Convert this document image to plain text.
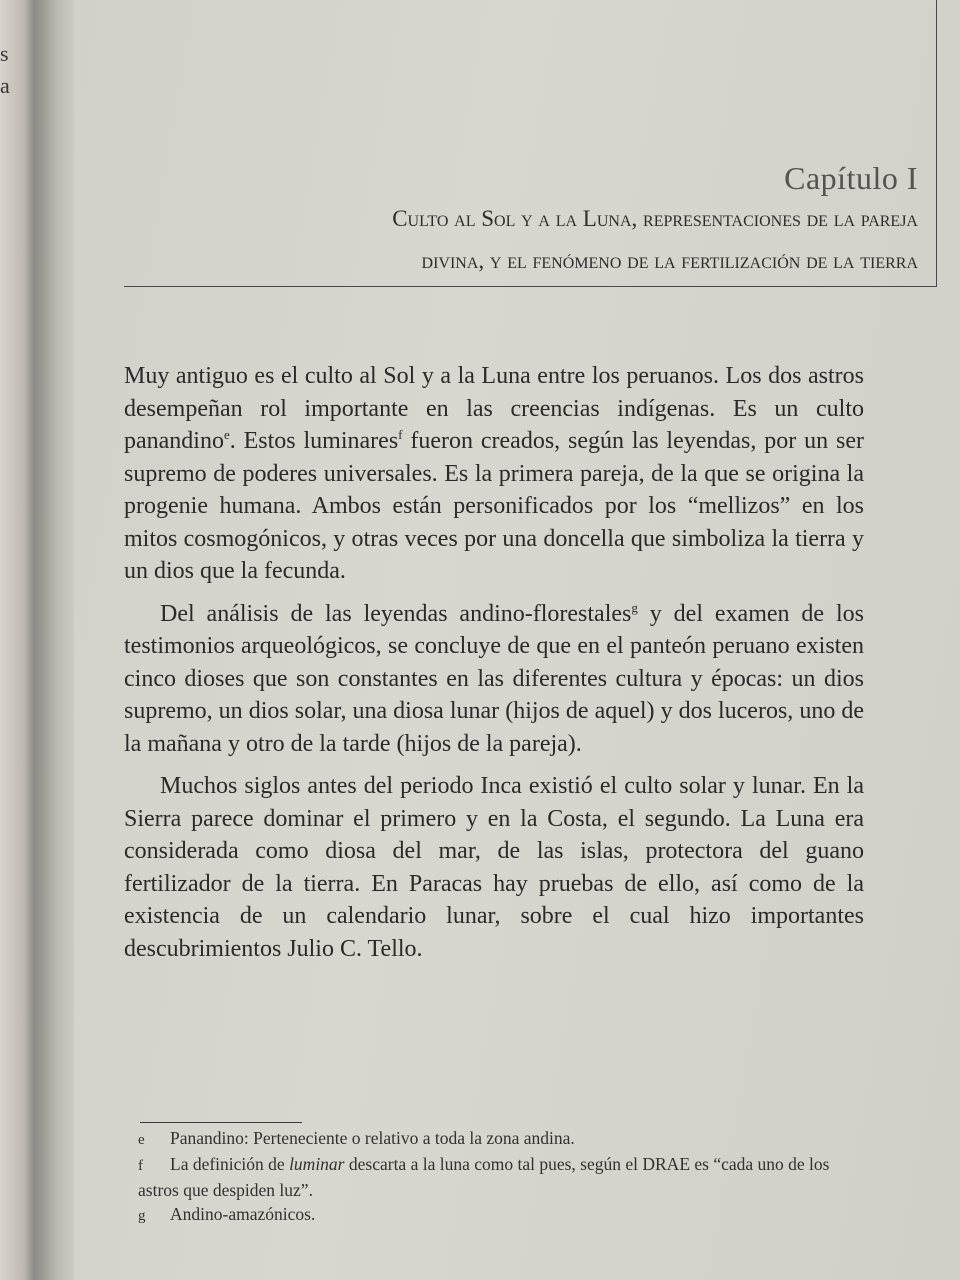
s
a
Capítulo I
Culto al Sol y a la Luna, representaciones de la pareja
divina, y el fenómeno de la fertilización de la tierra

Muy antiguo es el culto al Sol y a la Luna entre los peruanos. Los dos astros desempeñan rol importante en las creencias indígenas. Es un culto panandino$^e$. Estos luminares$^f$ fueron creados, según las leyendas, por un ser supremo de poderes universales. Es la primera pareja, de la que se origina la progenie humana. Ambos están personificados por los “mellizos” en los mitos cosmogónicos, y otras veces por una doncella que simboliza la tierra y un dios que la fecunda.

Del análisis de las leyendas andino-florestales$^g$ y del examen de los testimonios arqueológicos, se concluye de que en el panteón peruano existen cinco dioses que son constantes en las diferentes cultura y épocas: un dios supremo, un dios solar, una diosa lunar (hijos de aquel) y dos luceros, uno de la mañana y otro de la tarde (hijos de la pareja).

Muchos siglos antes del periodo Inca existió el culto solar y lunar. En la Sierra parece dominar el primero y en la Costa, el segundo. La Luna era considerada como diosa del mar, de las islas, protectora del guano fertilizador de la tierra. En Paracas hay pruebas de ello, así como de la existencia de un calendario lunar, sobre el cual hizo importantes descubrimientos Julio C. Tello.

e Panandino: Perteneciente o relativo a toda la zona andina.

f La definición de luminar descarta a la luna como tal pues, según el DRAE es “cada uno de los astros que despiden luz”.

g Andino-amazónicos.
